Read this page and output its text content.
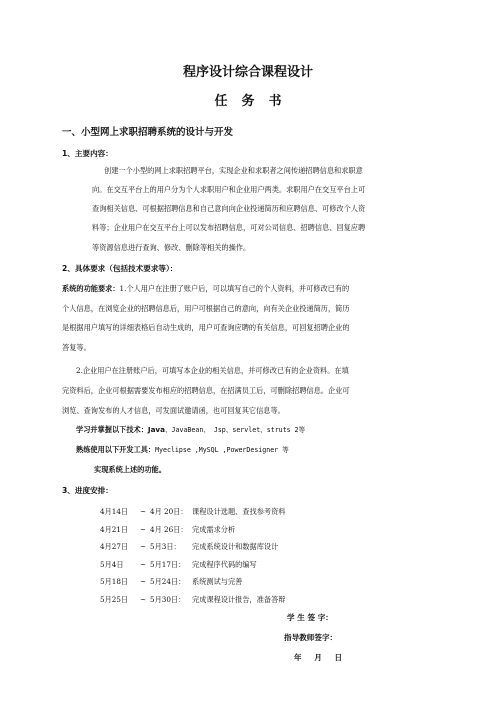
程序设计综合课程设计
任务书
一、小型网上求职招聘系统的设计与开发
1、主要内容：
创建一个小型的网上求职招聘平台，实现企业和求职者之间传递招聘信息和求职意
向。在交互平台上的用户分为个人求职用户和企业用户两类。求职用户在交互平台上可
查询相关信息、可根据招聘信息和自己意向向企业投递简历和应聘信息、可修改个人资
料等；企业用户在交互平台上可以发布招聘信息，可对公司信息、招聘信息、回复应聘
等资源信息进行查询、修改、删除等相关的操作。
2、具体要求（包括技术要求等）：
系统的功能要求：1.个人用户在注册了账户后，可以填写自己的个人资料，并可修改已有的
个人信息，在浏览企业的招聘信息后，用户可根据自己的意向，向有关企业投递简历，简历
是根据用户填写的详细表格后自动生成的，用户可查询应聘的有关信息，可回复招聘企业的
答复等。
2.企业用户在注册账户后，可填写本企业的相关信息，并可修改已有的企业资料。在填
完资料后，企业可根据需要发布相应的招聘信息，在招满员工后，可删除招聘信息。企业可
浏览、查询发布的人才信息，可发面试邀请函，也可回复其它信息等。
学习并掌握以下技术：Java、JavaBean、 Jsp、servlet、struts 2等
熟练使用以下开发工具：Myeclipse ,MySQL ,PowerDesigner 等
实现系统上述的功能。
3、进度安排：
4月14日 ~ 4月 20日： 课程设计选题、查找参考资料
4月21日 ~ 4月 26日： 完成需求分析
4月27日 ~ 5月3日： 完成系统设计和数据库设计
5月4日 ~ 5月17日： 完成程序代码的编写
5月18日 ~ 5月24日： 系统测试与完善
5月25日 ~ 5月30日： 完成课程设计报告，准备答辩
学 生 签 字：
指导教师签字：
年 月 日
